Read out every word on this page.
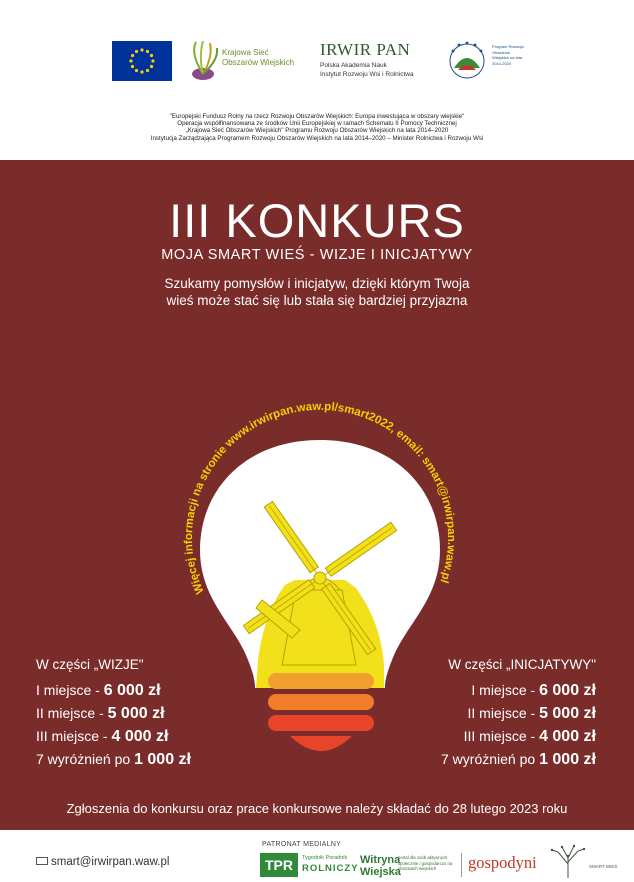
Krajowa Sieć Obszarów Wiejskich
IRWIR PAN
Polska Akademia Nauk
Instytut Rozwoju Wsi i Rolnictwa
Program Rozwoju Obszarów Wiejskich na lata 2014-2020
"Europejski Fundusz Rolny na rzecz Rozwoju Obszarów Wiejskich: Europa inwestująca w obszary wiejskie"
Operacja współfinansowana ze środków Unii Europejskiej w ramach Schematu II Pomocy Technicznej
„Krajowa Sieć Obszarów Wiejskich" Programu Rozwoju Obszarów Wiejskich na lata 2014–2020
Instytucja Zarządzająca Programem Rozwoju Obszarów Wiejskich na lata 2014–2020 – Minister Rolnictwa i Rozwoju Wsi
Więcej informacji na stronie www.irwirpan.waw.pl/smart2022, email: smart@irwirpan.waw.pl
III KONKURS
MOJA SMART WIEŚ - WIZJE I INICJATYWY
Szukamy pomysłów i inicjatyw, dzięki którym Twoja
wieś może stać się lub stała się bardziej przyjazna
W części „WIZJE"
I miejsce - 6 000 zł
II miejsce - 5 000 zł
III miejsce - 4 000 zł
7 wyróżnień po 1 000 zł
W części „INICJATYWY"
I miejsce - 6 000 zł
II miejsce - 5 000 zł
III miejsce - 4 000 zł
7 wyróżnień po 1 000 zł
Zgłoszenia do konkursu oraz prace konkursowe należy składać do 28 lutego 2023 roku
smart@irwirpan.waw.pl
PATRONAT MEDIALNY
TPR	Tygodnik Poradnik
ROLNICZY
Witryna
Wiejska
portal dla osób aktywnych społecznie i gospodarczo na obszarach wiejskich	gospodyni	SMART WIEŚ
